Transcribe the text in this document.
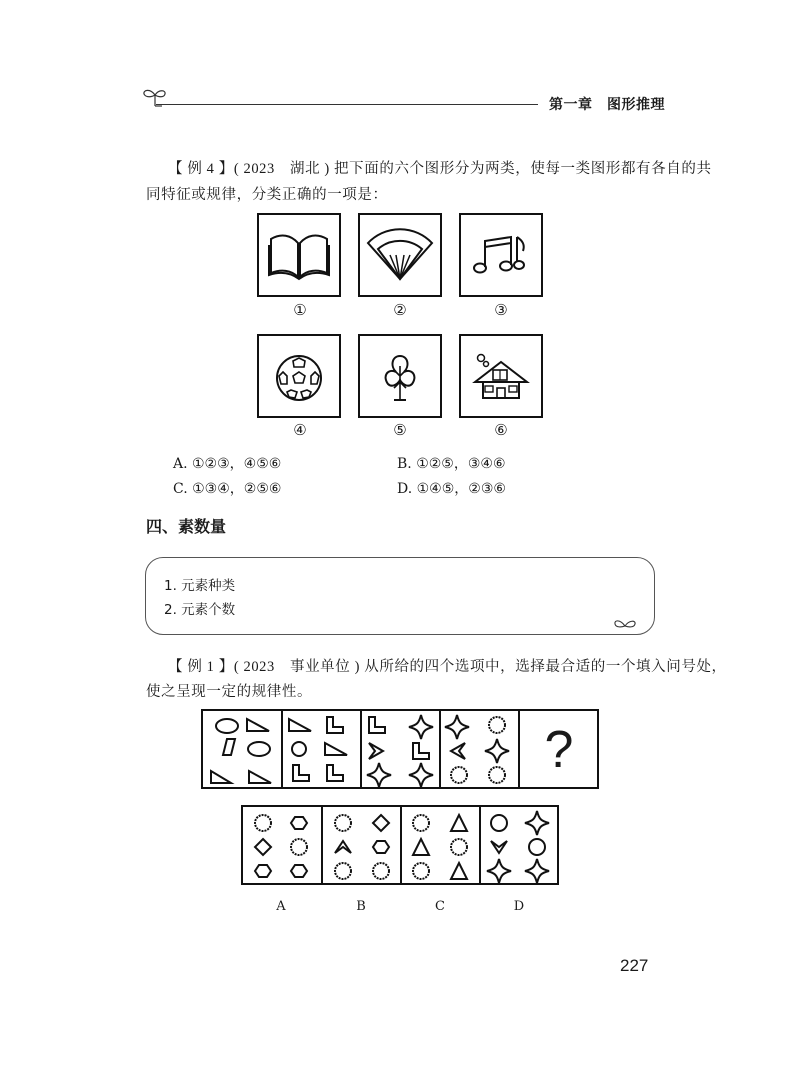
第一章　图形推理
【 例 4 】( 2023　湖北 ) 把下面的六个图形分为两类，使每一类图形都有各自的共
同特征或规律，分类正确的一项是：
①	②	③
④	⑤	⑥
A. ①②③，④⑤⑥	B. ①②⑤，③④⑥
C. ①③④，②⑤⑥	D. ①④⑤，②③⑥
四、素数量
1. 元素种类
2. 元素个数
【 例 1 】( 2023　事业单位 ) 从所给的四个选项中，选择最合适的一个填入问号处，
使之呈现一定的规律性。
?
A	B	C	D
227
